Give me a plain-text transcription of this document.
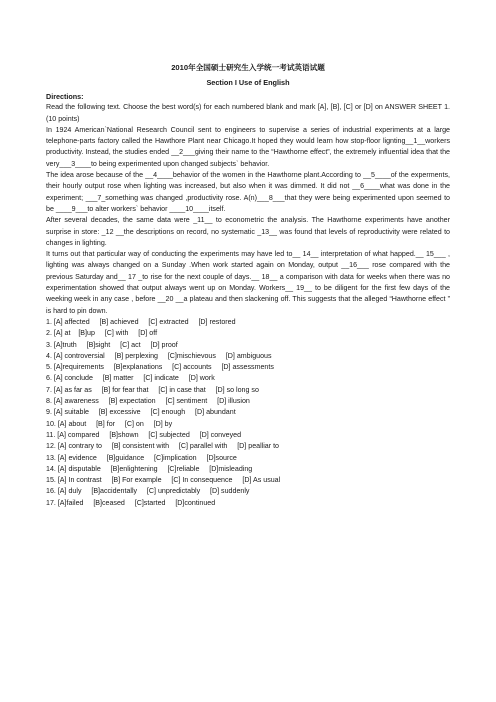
2010年全国硕士研究生入学统一考试英语试题
Section I Use of English
Directions:

Read the following text. Choose the best word(s) for each numbered blank and mark [A], [B], [C] or [D] on ANSWER SHEET 1. (10 points)

In 1924 American`National Research Council sent to engineers to supervise a series of industrial experiments at a large telephone-parts factory called the Hawthore Plant near Chicago.It hoped they would learn how stop-floor lignting__1__workers productivity. Instead, the studies ended __2___giving their name to the “Hawthorne effect”, the extremely influential idea that the very___3____to being experimented upon changed subjects` behavior.

The idea arose because of the __4____behavior of the women in the Hawthorne plant.According to __5____of the experments, their hourly output rose when lighting was increased, but also when it was dimmed. It did not __6____what was done in the experiment; ___7_something was changed ,productivity rose. A(n)___8___that they were being experimented upon seemed to be ____9___to alter workers` behavior ____10____itself.

After several decades, the same data were _11__ to econometric the analysis. The Hawthorne experiments have another surprise in store: _12 __the descriptions on record, no systematic _13__ was found that levels of reproductivity were related to changes in lighting.

It turns out that particular way of conducting the experiments may have led to__ 14__ interpretation of what happed.__ 15___ , lighting was always changed on a Sunday .When work started again on Monday, output __16___ rose compared with the previous Saturday and__ 17 _to rise for the next couple of days.__ 18__ a comparison with data for weeks when there was no experimentation showed that output always went up on Monday. Workers__ 19__ to be diligent for the first few days of the weeking week in any case , before __20 __a plateau and then slackening off. This suggests that the alleged “Hawthorne effect ” is hard to pin down.

1. [A] affected     [B] achieved     [C] extracted     [D] restored
2. [A] at    [B]up     [C] with     [D] off
3. [A]truth     [B]sight     [C] act     [D] proof
4. [A] controversial     [B] perplexing     [C]mischievous     [D] ambiguous
5. [A]requirements     [B]explanations     [C] accounts     [D] assessments
6. [A] conclude     [B] matter     [C] indicate     [D] work
7. [A] as far as     [B] for fear that     [C] in case that     [D] so long so
8. [A] awareness     [B] expectation     [C] sentiment     [D] illusion
9. [A] suitable     [B] excessive     [C] enough     [D] abundant
10. [A] about     [B] for     [C] on     [D] by
11. [A] compared     [B]shown     [C] subjected     [D] conveyed
12. [A] contrary to     [B] consistent with     [C] parallel with     [D] pealliar to
13. [A] evidence     [B]guidance     [C]implication     [D]source
14. [A] disputable     [B]enlightening     [C]reliable     [D]misleading
15. [A] In contrast     [B] For example     [C] In consequence     [D] As usual
16. [A] duly     [B]accidentally     [C] unpredictably     [D] suddenly
17. [A]failed     [B]ceased     [C]started     [D]continued
